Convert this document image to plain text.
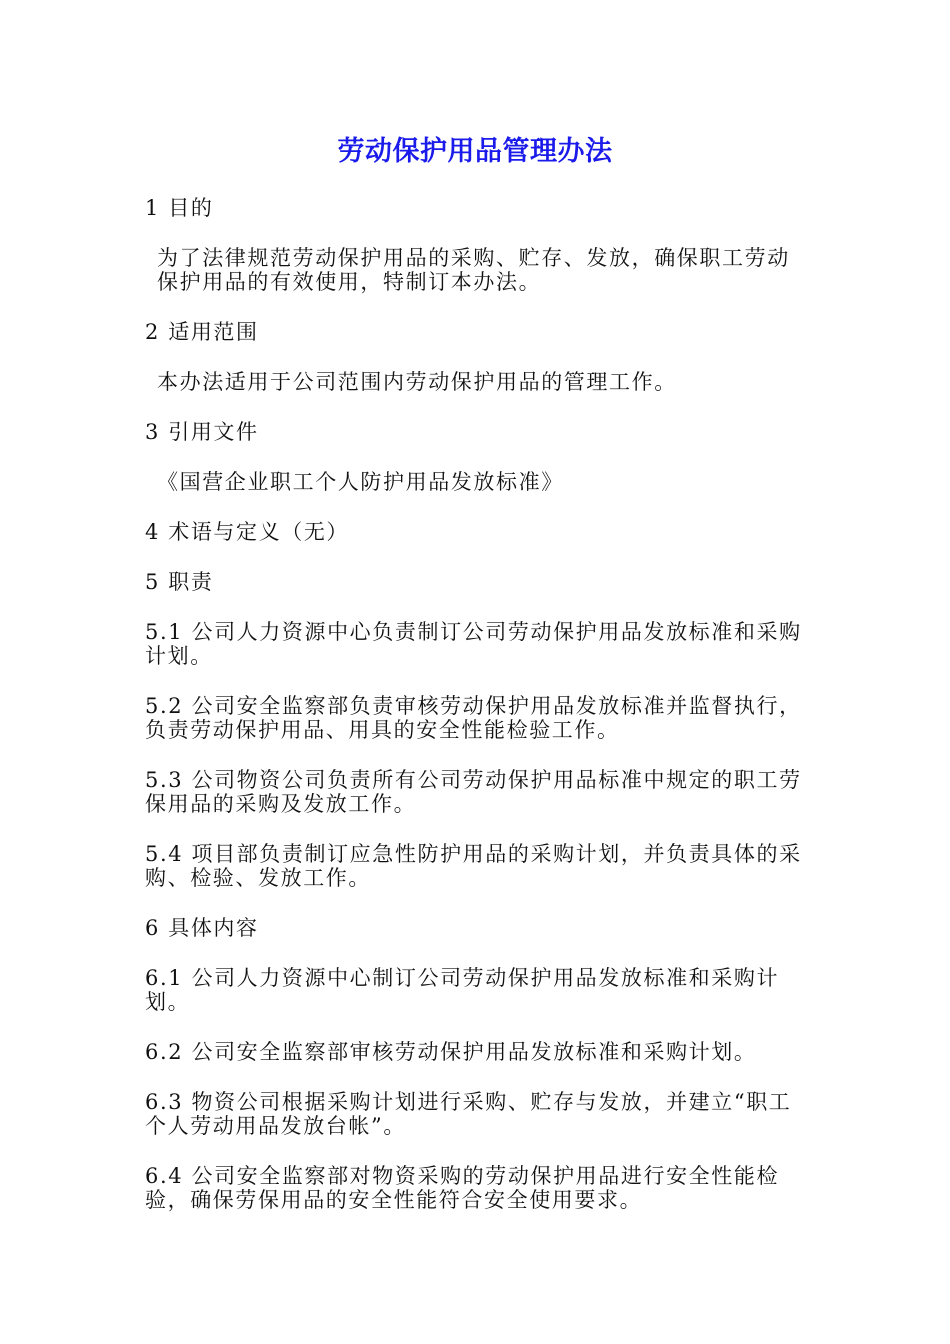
劳动保护用品管理办法

1 目的

为了法律规范劳动保护用品的采购、贮存、发放，确保职工劳动保护用品的有效使用，特制订本办法。

2 适用范围

本办法适用于公司范围内劳动保护用品的管理工作。

3 引用文件

《国营企业职工个人防护用品发放标准》

4 术语与定义（无）

5 职责

5.1 公司人力资源中心负责制订公司劳动保护用品发放标准和采购计划。

5.2 公司安全监察部负责审核劳动保护用品发放标准并监督执行，负责劳动保护用品、用具的安全性能检验工作。

5.3 公司物资公司负责所有公司劳动保护用品标准中规定的职工劳保用品的采购及发放工作。

5.4 项目部负责制订应急性防护用品的采购计划，并负责具体的采购、检验、发放工作。

6 具体内容

6.1 公司人力资源中心制订公司劳动保护用品发放标准和采购计划。

6.2 公司安全监察部审核劳动保护用品发放标准和采购计划。

6.3 物资公司根据采购计划进行采购、贮存与发放，并建立“职工个人劳动用品发放台帐”。

6.4 公司安全监察部对物资采购的劳动保护用品进行安全性能检验，确保劳保用品的安全性能符合安全使用要求。
